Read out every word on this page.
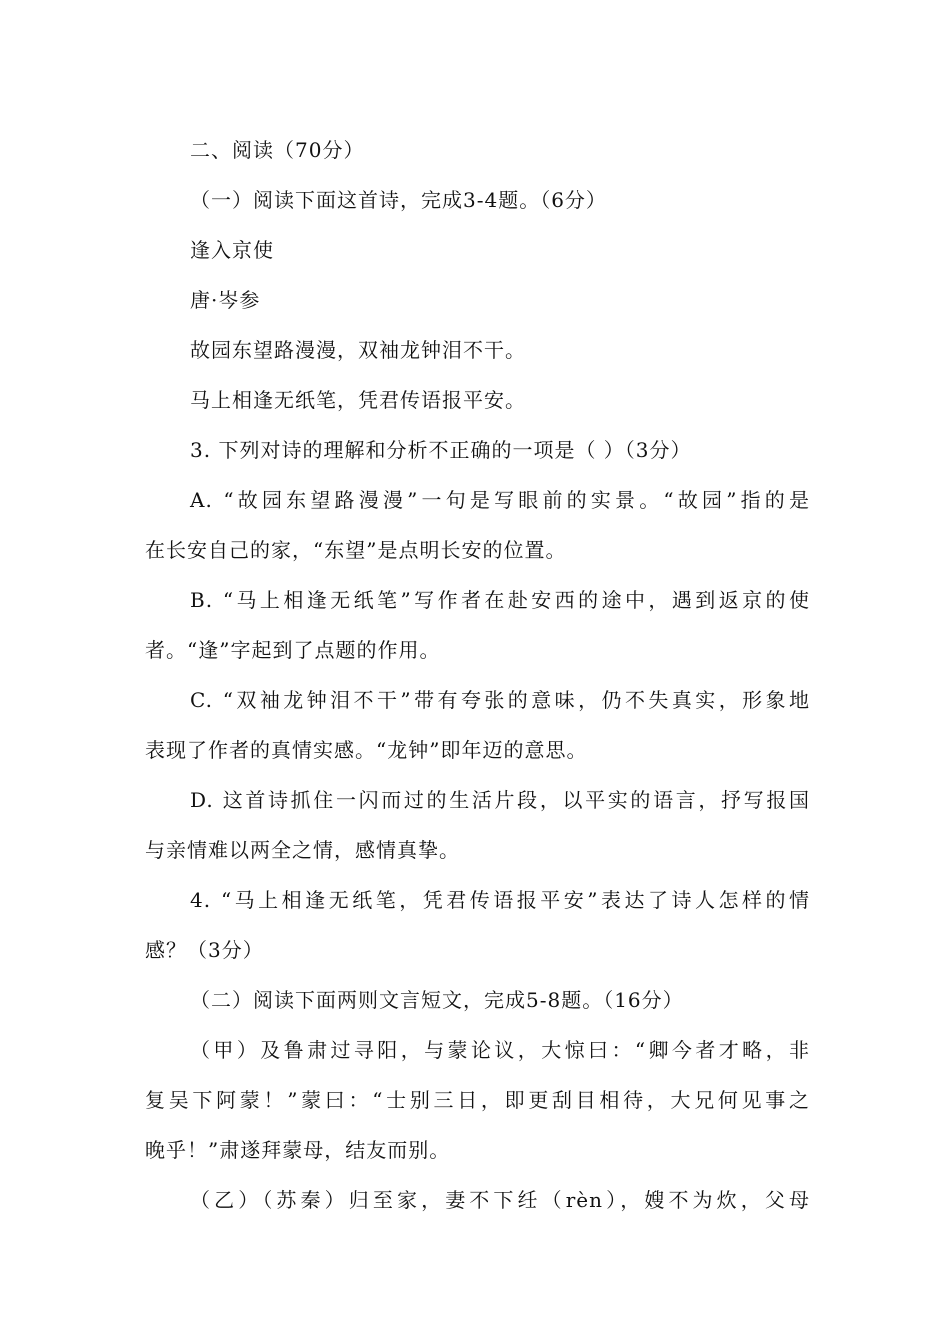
二、阅读（70分）
（一）阅读下面这首诗，完成3-4题。（6分）
逢入京使
唐·岑参
故园东望路漫漫，双袖龙钟泪不干。
马上相逢无纸笔，凭君传语报平安。
3. 下列对诗的理解和分析不正确的一项是（ ）（3分）
A. “故园东望路漫漫”一句是写眼前的实景。“故园”指的是
在长安自己的家，“东望”是点明长安的位置。
B. “马上相逢无纸笔”写作者在赴安西的途中，遇到返京的使
者。“逢”字起到了点题的作用。
C. “双袖龙钟泪不干”带有夸张的意味，仍不失真实，形象地
表现了作者的真情实感。“龙钟”即年迈的意思。
D. 这首诗抓住一闪而过的生活片段，以平实的语言，抒写报国
与亲情难以两全之情，感情真挚。
4. “马上相逢无纸笔，凭君传语报平安”表达了诗人怎样的情
感？（3分）
（二）阅读下面两则文言短文，完成5-8题。（16分）
（甲）及鲁肃过寻阳，与蒙论议，大惊曰：“卿今者才略，非
复吴下阿蒙！”蒙曰：“士别三日，即更刮目相待，大兄何见事之
晚乎！”肃遂拜蒙母，结友而别。
（乙）（苏秦）归至家，妻不下纴（rèn），嫂不为炊，父母
